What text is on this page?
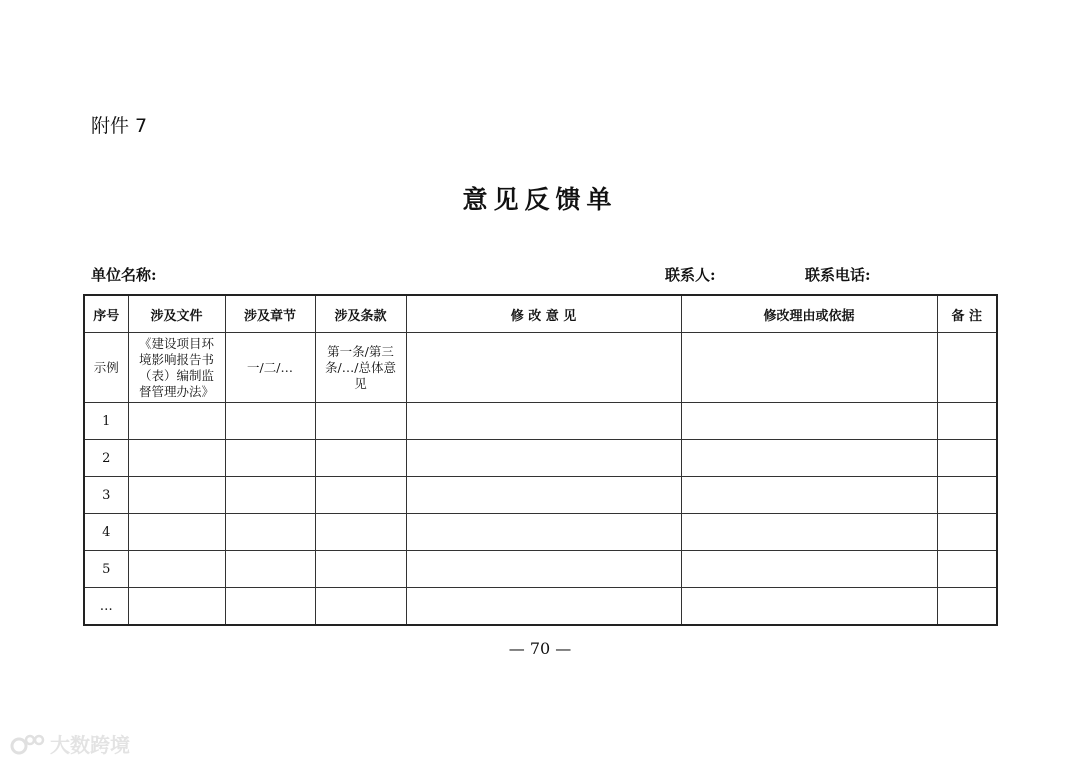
附件 7
意见反馈单
单位名称:	联系人:	联系电话:
序号	涉及文件	涉及章节	涉及条款	修 改 意 见	修改理由或依据	备 注
示例	《建设项目环境影响报告书（表）编制监督管理办法》	一/二/…	第一条/第三条/…/总体意见			
1						
2						
3						
4						
5						
…						
— 70 —
大数跨境
